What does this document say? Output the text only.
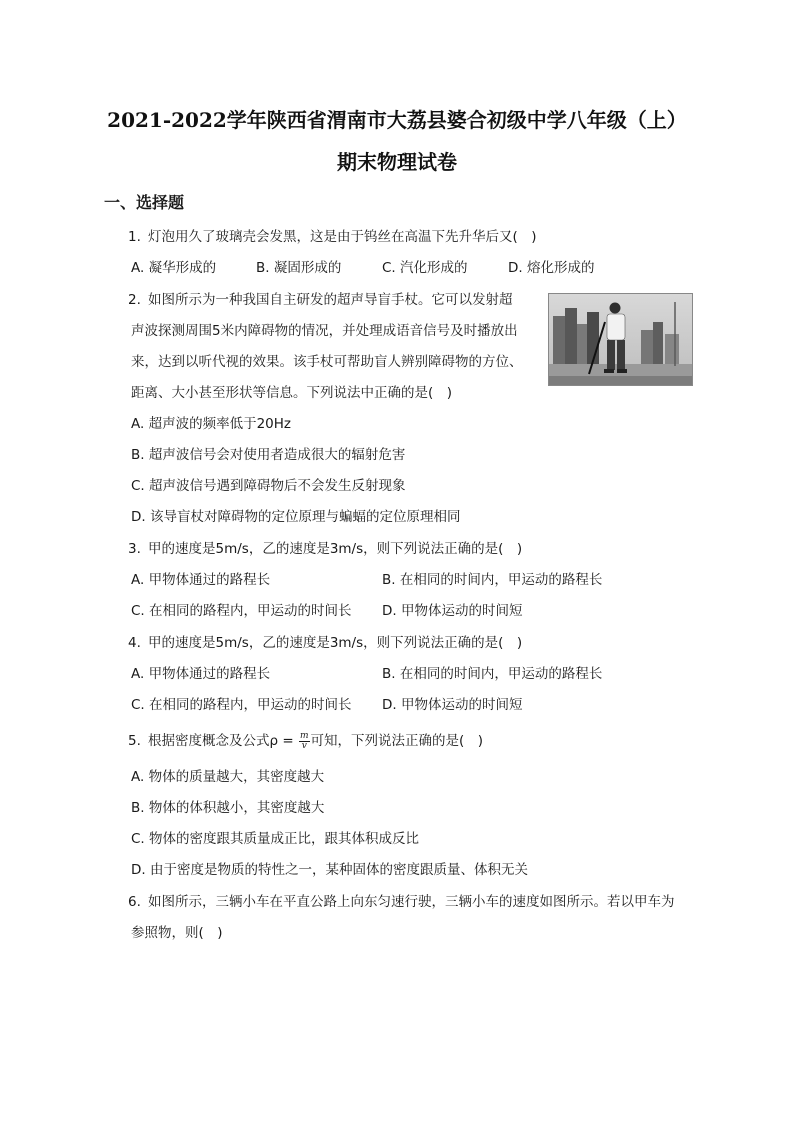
2021-2022学年陕西省渭南市大荔县婆合初级中学八年级（上）
期末物理试卷
一、选择题
1. 灯泡用久了玻璃壳会发黑，这是由于钨丝在高温下先升华后又(　)
A. 凝华形成的	B. 凝固形成的	C. 汽化形成的	D. 熔化形成的
2. 如图所示为一种我国自主研发的超声导盲手杖。它可以发射超
声波探测周围5米内障碍物的情况，并处理成语音信号及时播放出
来，达到以听代视的效果。该手杖可帮助盲人辨别障碍物的方位、
距离、大小甚至形状等信息。下列说法中正确的是(　)
A. 超声波的频率低于20Hz
B. 超声波信号会对使用者造成很大的辐射危害
C. 超声波信号遇到障碍物后不会发生反射现象
D. 该导盲杖对障碍物的定位原理与蝙蝠的定位原理相同
3. 甲的速度是5m/s，乙的速度是3m/s，则下列说法正确的是(　)
A. 甲物体通过的路程长	B. 在相同的时间内，甲运动的路程长
C. 在相同的路程内，甲运动的时间长 D. 甲物体运动的时间短
4. 甲的速度是5m/s，乙的速度是3m/s，则下列说法正确的是(　)
A. 甲物体通过的路程长	B. 在相同的时间内，甲运动的路程长
C. 在相同的路程内，甲运动的时间长 D. 甲物体运动的时间短
5. 根据密度概念及公式$\rho = \frac{m}{v}$ 可知，下列说法正确的是(　)
A. 物体的质量越大，其密度越大
B. 物体的体积越小，其密度越大
C. 物体的密度跟其质量成正比，跟其体积成反比
D. 由于密度是物质的特性之一，某种固体的密度跟质量、体积无关
6. 如图所示，三辆小车在平直公路上向东匀速行驶，三辆小车的速度如图所示。若以甲车为
参照物，则(　)
